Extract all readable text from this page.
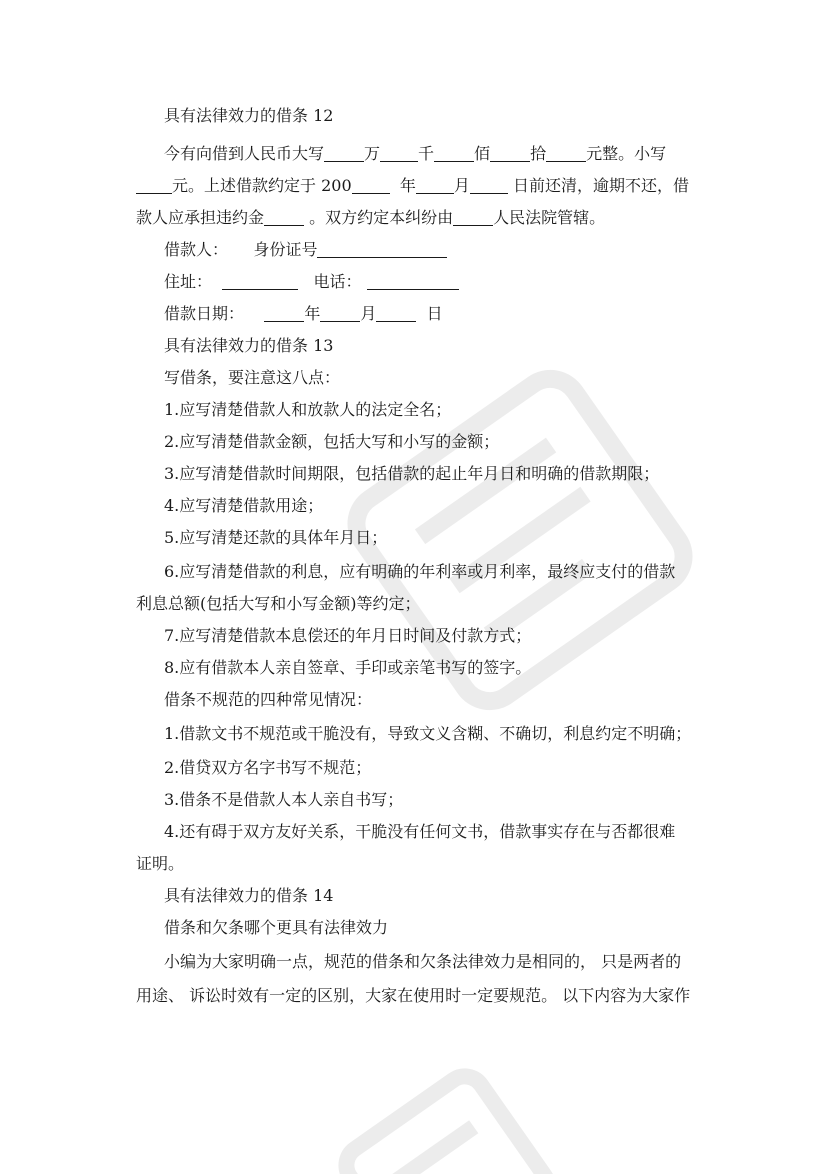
具有法律效力的借条 12
今有向借到人民币大写	万 千	佰	拾	元整。小写
元。上述借款约定于 200	年 月	日前还清，逾期不还，借
款人应承担违约金	。双方约定本纠纷由	人民法院管辖。
借款人： 身份证号
住址：	电话：
借款日期：	年	月	日
具有法律效力的借条 13
写借条，要注意这八点：
1.应写清楚借款人和放款人的法定全名；
2.应写清楚借款金额，包括大写和小写的金额；
3.应写清楚借款时间期限，包括借款的起止年月日和明确的借款期限；
4.应写清楚借款用途；
5.应写清楚还款的具体年月日；
6.应写清楚借款的利息，应有明确的年利率或月利率，最终应支付的借款
利息总额(包括大写和小写金额)等约定；
7.应写清楚借款本息偿还的年月日时间及付款方式；
8.应有借款本人亲自签章、手印或亲笔书写的签字。
借条不规范的四种常见情况：
1.借款文书不规范或干脆没有，导致文义含糊、不确切，利息约定不明确；
2.借贷双方名字书写不规范；
3.借条不是借款人本人亲自书写；
4.还有碍于双方友好关系，干脆没有任何文书，借款事实存在与否都很难
证明。
具有法律效力的借条 14
借条和欠条哪个更具有法律效力
小编为大家明确一点，规范的借条和欠条法律效力是相同的， 只是两者的
用途、 诉讼时效有一定的区别，大家在使用时一定要规范。 以下内容为大家作
